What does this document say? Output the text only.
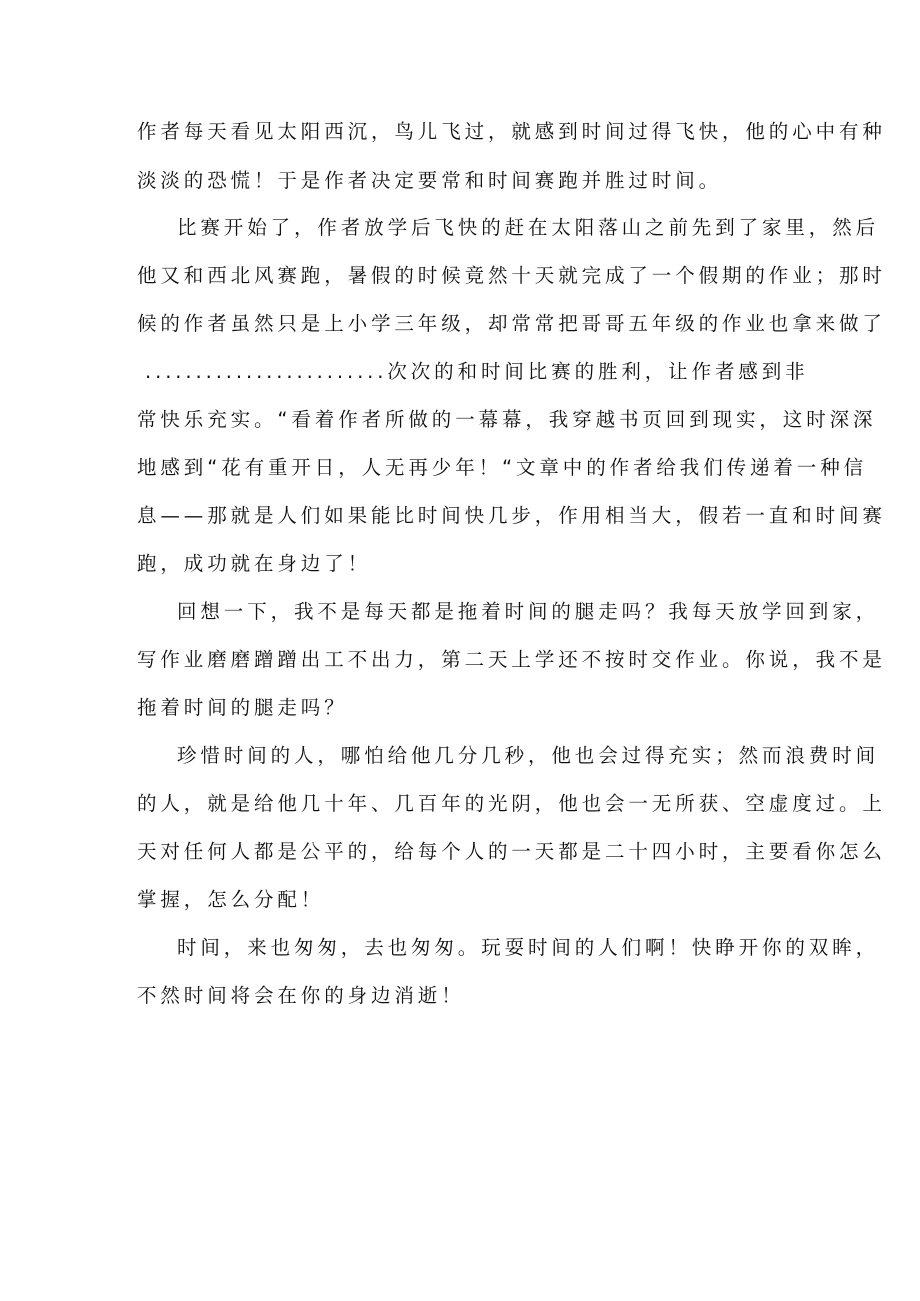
作者每天看见太阳西沉，鸟儿飞过，就感到时间过得飞快，他的心中有种
淡淡的恐慌！于是作者决定要常和时间赛跑并胜过时间。
比赛开始了，作者放学后飞快的赶在太阳落山之前先到了家里，然后
他又和西北风赛跑，暑假的时候竟然十天就完成了一个假期的作业；那时
候的作者虽然只是上小学三年级，却常常把哥哥五年级的作业也拿来做了
........................次次的和时间比赛的胜利，让作者感到非
常快乐充实。“看着作者所做的一幕幕，我穿越书页回到现实，这时深深
地感到“花有重开日，人无再少年！“文章中的作者给我们传递着一种信
息——那就是人们如果能比时间快几步，作用相当大，假若一直和时间赛
跑，成功就在身边了！
回想一下，我不是每天都是拖着时间的腿走吗？我每天放学回到家，
写作业磨磨蹭蹭出工不出力，第二天上学还不按时交作业。你说，我不是
拖着时间的腿走吗？
珍惜时间的人，哪怕给他几分几秒，他也会过得充实；然而浪费时间
的人，就是给他几十年、几百年的光阴，他也会一无所获、空虚度过。上
天对任何人都是公平的，给每个人的一天都是二十四小时，主要看你怎么
掌握，怎么分配！
时间，来也匆匆，去也匆匆。玩耍时间的人们啊！快睁开你的双眸，
不然时间将会在你的身边消逝！
